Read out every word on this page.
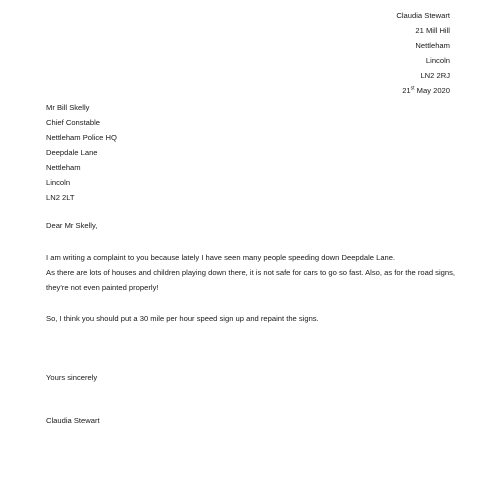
Claudia Stewart
21 Mill Hill
Nettleham
Lincoln
LN2 2RJ
21st May 2020
Mr Bill Skelly
Chief Constable
Nettleham Police HQ
Deepdale Lane
Nettleham
Lincoln
LN2 2LT
Dear Mr Skelly,

I am writing a complaint to you because lately I have seen many people speeding down Deepdale Lane.

As there are lots of houses and children playing down there, it is not safe for cars to go so fast. Also, as for the road signs, they're not even painted properly!

So, I think you should put a 30 mile per hour speed sign up and repaint the signs.

Yours sincerely
Claudia Stewart
